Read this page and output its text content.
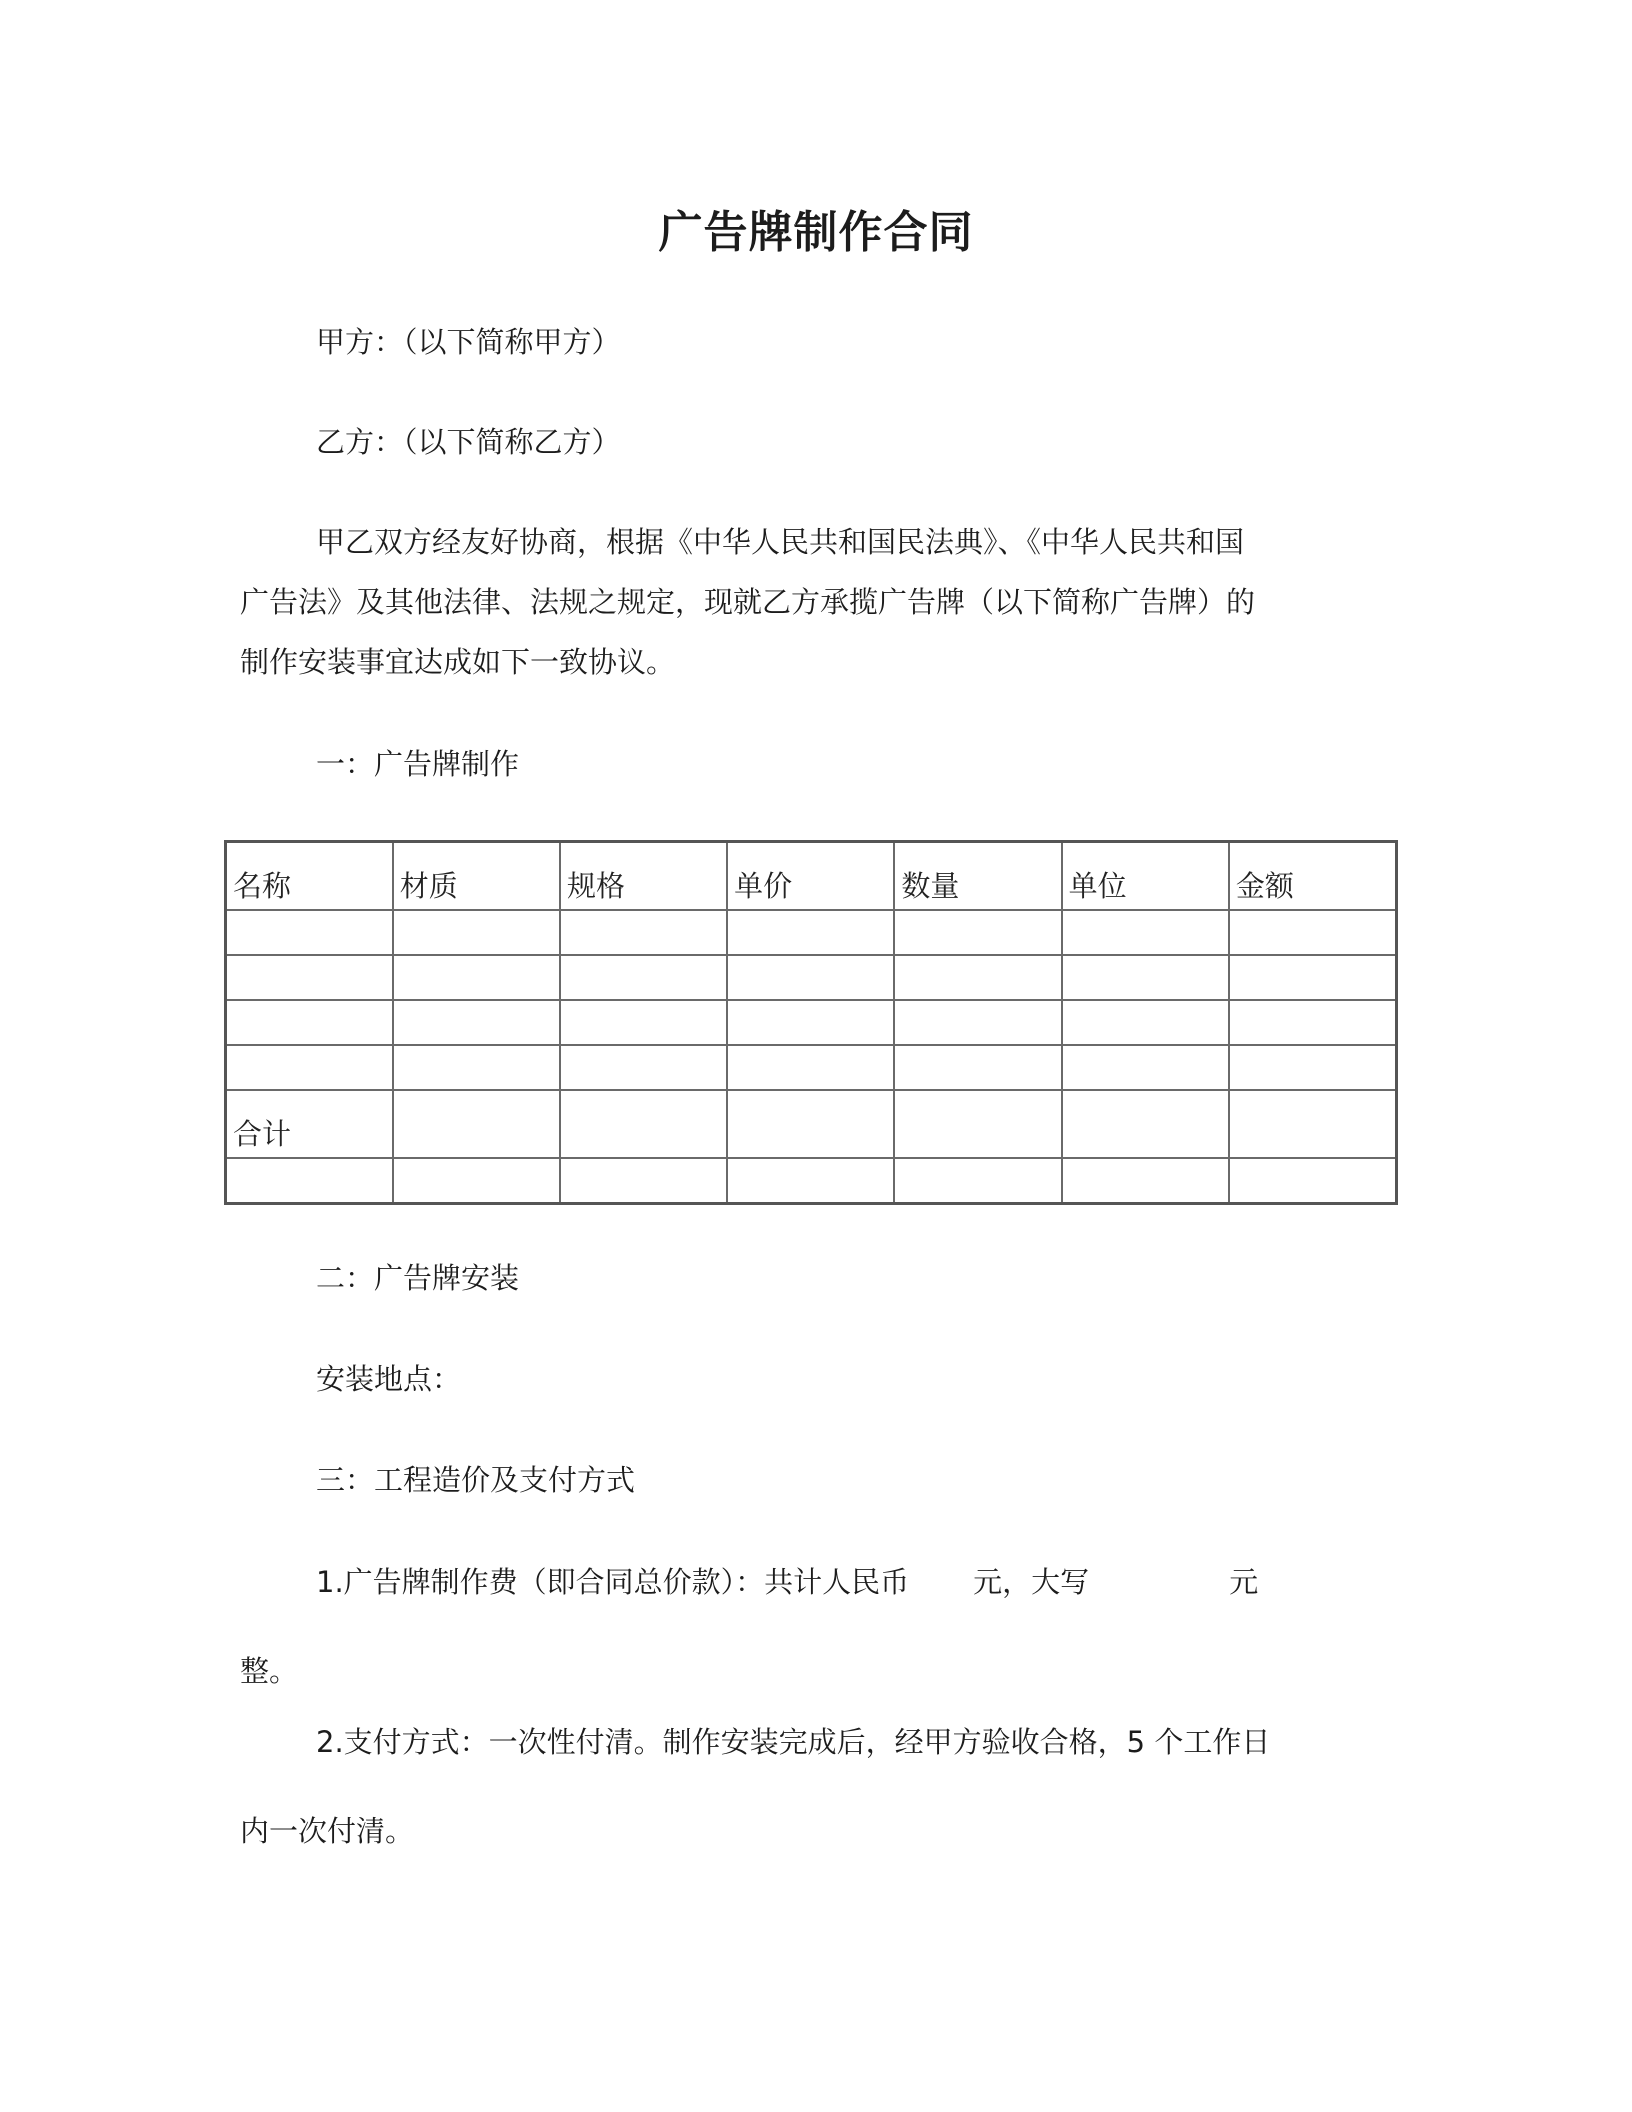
广告牌制作合同

甲方：（以下简称甲方）

乙方：（以下简称乙方）

甲乙双方经友好协商，根据《中华人民共和国民法典》、《中华人民共和国

广告法》及其他法律、法规之规定，现就乙方承揽广告牌（以下简称广告牌）的

制作安装事宜达成如下一致协议。

一：广告牌制作

名称	材质	规格	单价	数量	单位	金额

合计						

二：广告牌安装

安装地点：

三：工程造价及支付方式

1.广告牌制作费（即合同总价款）：共计人民币 元，大写	元

整。

2.支付方式：一次性付清。制作安装完成后，经甲方验收合格，5 个工作日

内一次付清。
